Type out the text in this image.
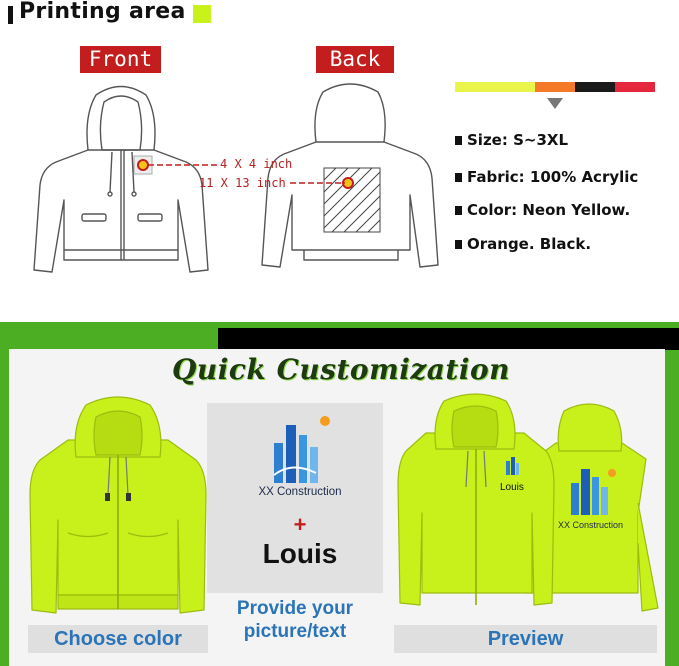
Printing area
Front	Back
4 X 4 inch
11 X 13 inch
Size: S~3XL
Fabric: 100% Acrylic
Color: Neon Yellow.
Orange. Black.
Quick Customization
XX Construction
+
Louis
Louis
XX Construction
Choose color
Provide your picture/text	Preview
